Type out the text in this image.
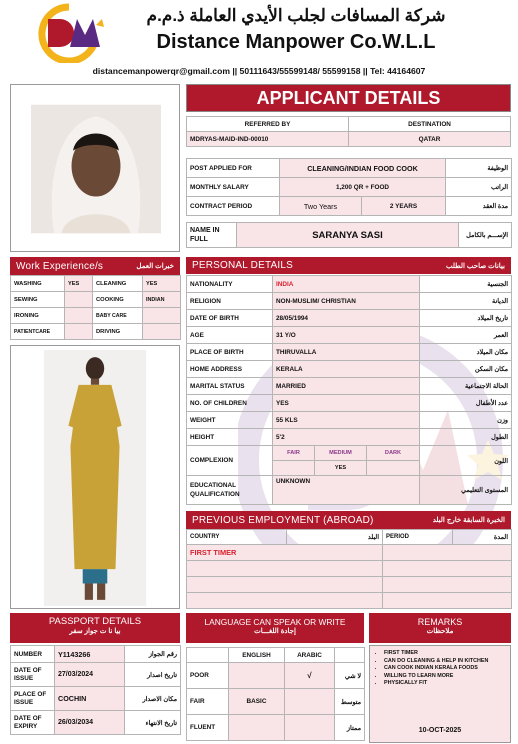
شركة المسافات لجلب الأيدي العاملة ذ.م.م
Distance Manpower Co.W.L.L
distancemanpowerqr@gmail.com || 50111643/55599148/ 55599158 || Tel: 44164607
APPLICANT DETAILS
REFERRED BY	DESTINATION
MDRYAS-MAID-IND-00010	QATAR
POST APPLIED FOR	CLEANING/INDIAN FOOD COOK		الوظيفة
MONTHLY SALARY	1,200 QR + FOOD		الراتب
CONTRACT PERIOD	Two Years	2 YEARS	مدة العقد
NAME IN FULL	SARANYA SASI	الإســـم بالكامل
Work Experience/s	خبرات العمل
WASHING	YES	CLEANING	YES
SEWING		COOKING	INDIAN
IRONING		BABY CARE	
PATIENTCARE		DRIVING	
PERSONAL DETAILS	بيانات صاحب الطلب
NATIONALITY	INDIA			الجنسية
RELIGION	NON-MUSLIM/ CHRISTIAN			الديانة
DATE OF BIRTH	28/05/1994			تاريخ الميلاد
AGE	31 Y/O			العمر
PLACE OF BIRTH	THIRUVALLA			مكان الميلاد
HOME ADDRESS	KERALA			مكان السكن
MARITAL STATUS	MARRIED			الحالة الاجتماعية
NO. OF CHILDREN	YES			عدد الأطفال
WEIGHT	55 KLS			وزن
HEIGHT	5'2			الطول
COMPLEXION	FAIR	MEDIUM	DARK	اللون
		YES		
EDUCATIONAL QUALIFICATION	UNKNOWN			المستوى التعليمي
PREVIOUS EMPLOYMENT (ABROAD)	الخبرة السابقة خارج البلد
COUNTRY	البلد	PERIOD	المدة
FIRST TIMER			

PASSPORT DETAILS
بيا نا ت جواز سفر
NUMBER	Y1143266	رقم الجواز
DATE OF ISSUE	27/03/2024	تاريخ اصدار
PLACE OF ISSUE	COCHIN	مكان الاصدار
DATE OF EXPIRY	26/03/2034	تاريخ الانتهاء
LANGUAGE CAN SPEAK OR WRITE
إجادة اللغـــات
	ENGLISH	ARABIC	
POOR		√	لا شي
FAIR	BASIC		متوسط
FLUENT			ممتاز
REMARKS
ملاحظات
• FIRST TIMER
• CAN DO CLEANING & HELP IN KITCHEN
• CAN COOK INDIAN KERALA FOODS
• WILLING TO LEARN MORE
• PHYSICALLY FIT
10-OCT-2025
